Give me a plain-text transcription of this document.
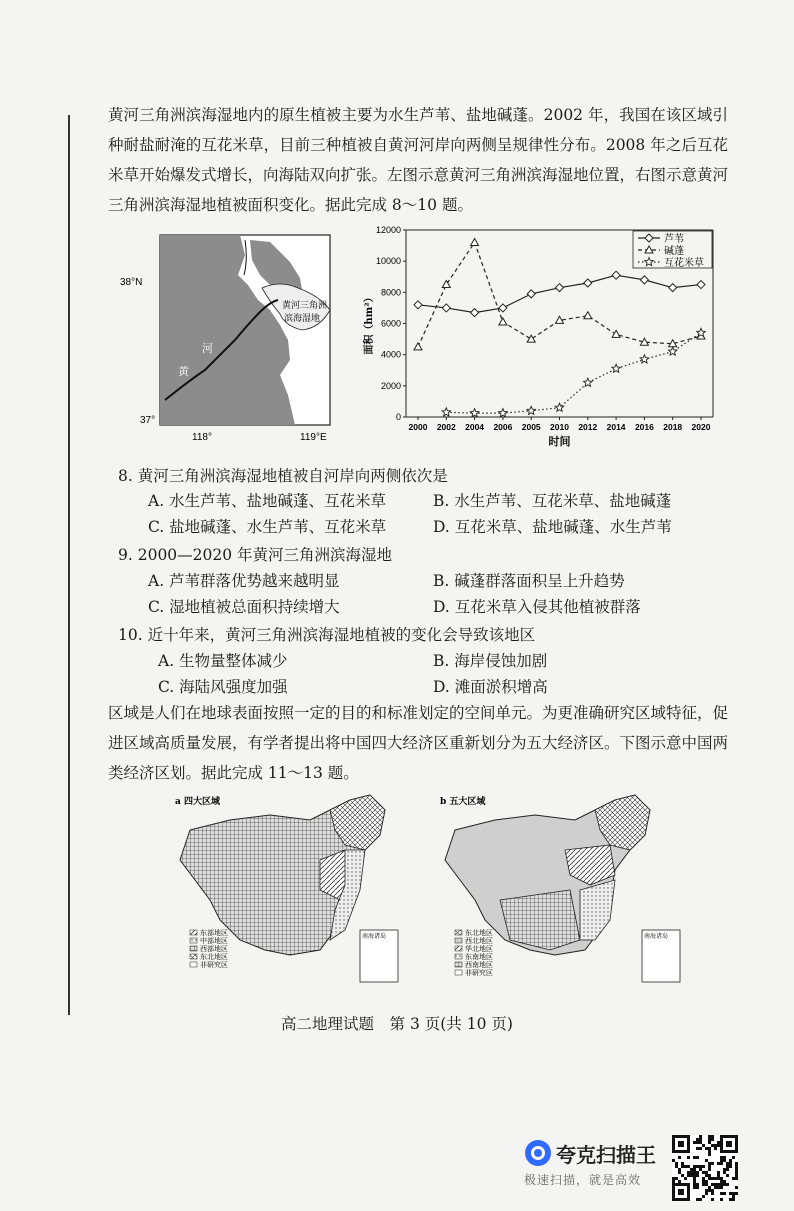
黄河三角洲滨海湿地内的原生植被主要为水生芦苇、盐地碱蓬。2002 年，我国在该区域引种耐盐耐淹的互花米草，目前三种植被自黄河河岸向两侧呈规律性分布。2008 年之后互花米草开始爆发式增长，向海陆双向扩张。左图示意黄河三角洲滨海湿地位置，右图示意黄河三角洲滨海湿地植被面积变化。据此完成 8～10 题。
38°N
37°
118°	119°E
黄
河
黄河三角洲
滨海湿地
0
2000
4000
6000
8000
10000
12000
2000 2002 2004 2006 2005 2010 2012 2014 2016 2018 2020
时间
面积（hm²）
芦苇
碱蓬
互花米草
8. 黄河三角洲滨海湿地植被自河岸向两侧依次是
A. 水生芦苇、盐地碱蓬、互花米草	B. 水生芦苇、互花米草、盐地碱蓬
C. 盐地碱蓬、水生芦苇、互花米草	D. 互花米草、盐地碱蓬、水生芦苇
9. 2000—2020 年黄河三角洲滨海湿地
A. 芦苇群落优势越来越明显	B. 碱蓬群落面积呈上升趋势
C. 湿地植被总面积持续增大	D. 互花米草入侵其他植被群落
10. 近十年来，黄河三角洲滨海湿地植被的变化会导致该地区
A. 生物量整体减少	B. 海岸侵蚀加剧
C. 海陆风强度加强	D. 滩面淤积增高
区域是人们在地球表面按照一定的目的和标准划定的空间单元。为更准确研究区域特征，促进区域高质量发展，有学者提出将中国四大经济区重新划分为五大经济区。下图示意中国两类经济区划。据此完成 11～13 题。
a 四大区域
东部地区
中部地区
西部地区
东北地区
非研究区
南海诸岛
b 五大区域
东北地区
西北地区
华北地区
东南地区
西南地区
非研究区
南海诸岛
高二地理试题　第 3 页(共 10 页)
夸克扫描王
极速扫描，就是高效
